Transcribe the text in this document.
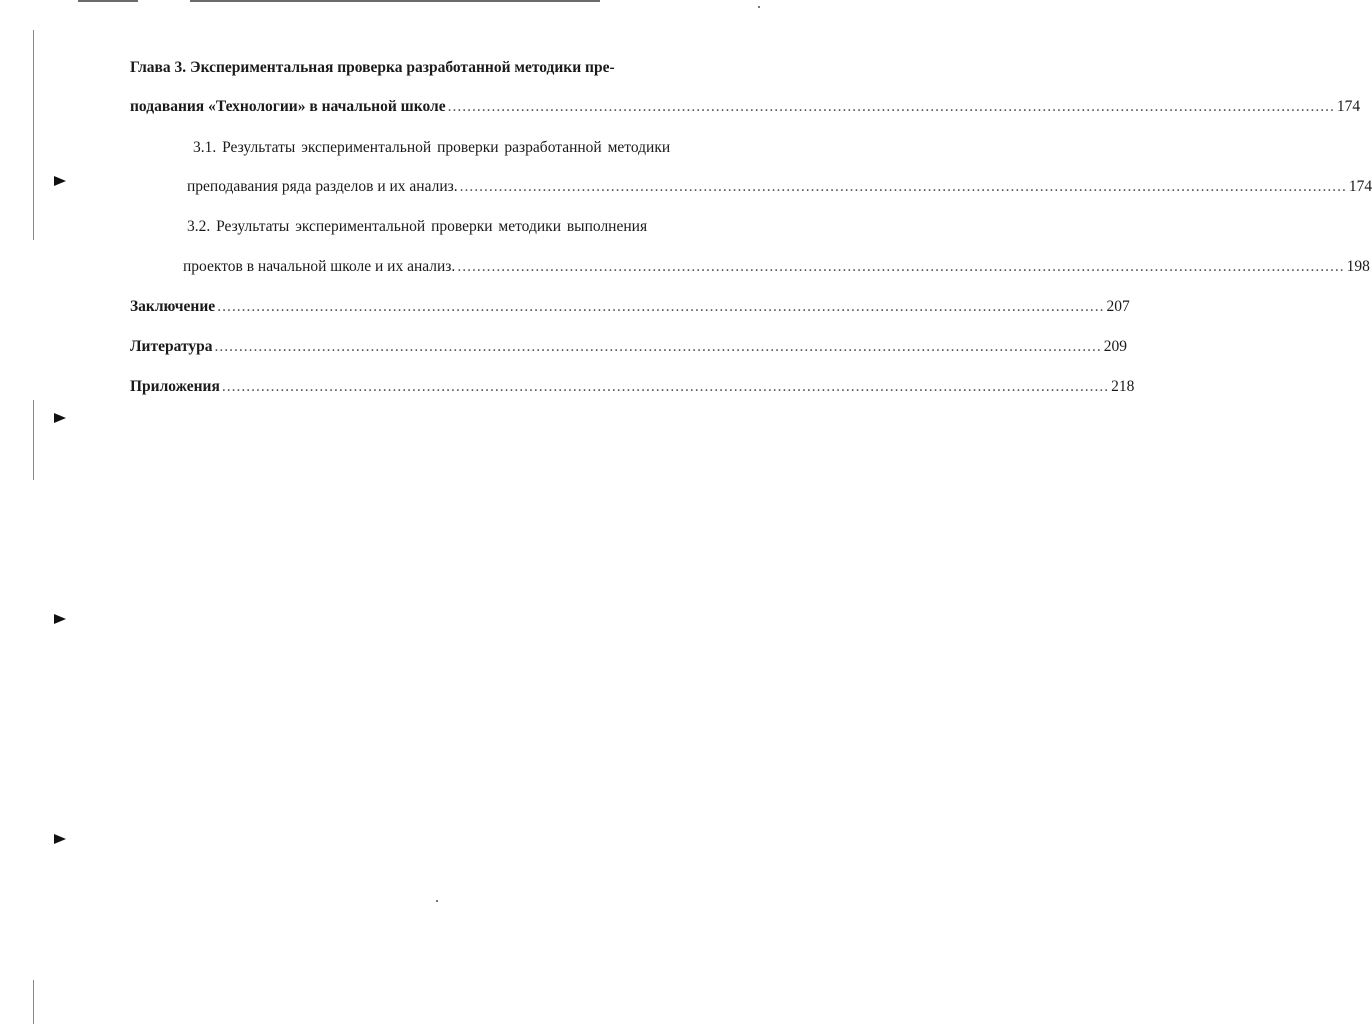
Глава 3. Экспериментальная проверка разработанной методики пре-
подавания «Технологии» в начальной школе ...................................................................................................................................................................................... 174
3.1. Результаты экспериментальной проверки разработанной методики
преподавания ряда разделов и их анализ. ...................................................................................................................................................................................... 174
3.2. Результаты экспериментальной проверки методики выполнения
проектов в начальной школе и их анализ. ...................................................................................................................................................................................... 198
Заключение ...................................................................................................................................................................................... 207
Литература ...................................................................................................................................................................................... 209
Приложения ...................................................................................................................................................................................... 218
